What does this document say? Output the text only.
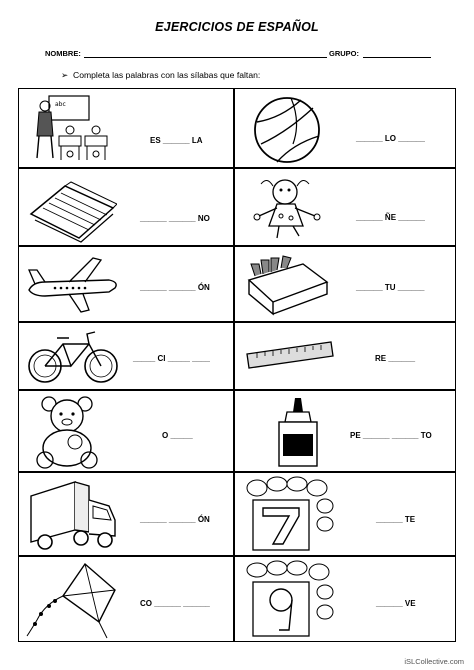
EJERCICIOS DE ESPAÑOL
NOMBRE:	GRUPO:
➢ Completa las palabras con las sílabas que faltan:
abc
ES ______ LA	______ LO ______
______ ______ NO	______ ÑE ______
______ ______ ÓN	______ TU ______
_____ CI _____ ____	RE ______
O _____	PE ______ ______ TO
______ ______ ÓN	______ TE
CO ______ ______	______ VE
iSLCollective.com
